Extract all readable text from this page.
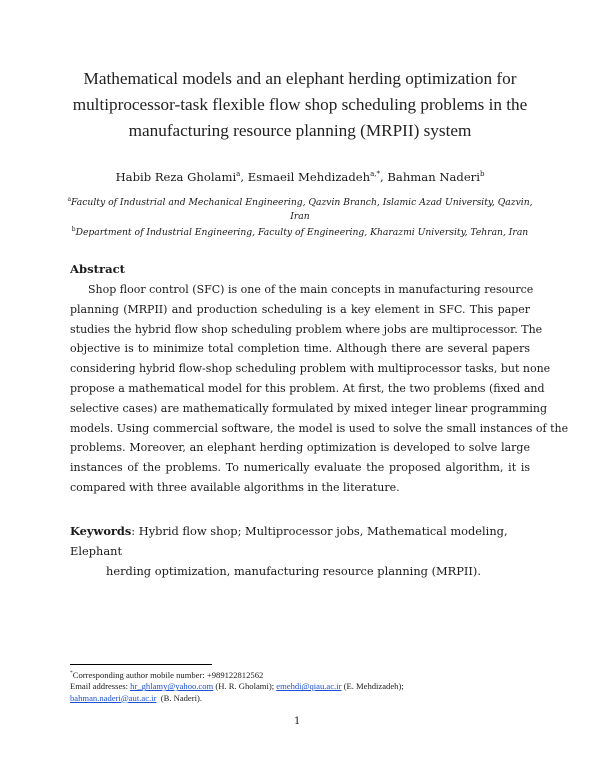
Mathematical models and an elephant herding optimization for
multiprocessor-task flexible flow shop scheduling problems in the
manufacturing resource planning (MRPII) system
Habib Reza Gholami$^a$, Esmaeil Mehdizadeh$^{a,*}$, Bahman Naderi$^b$
$^a$Faculty of Industrial and Mechanical Engineering, Qazvin Branch, Islamic Azad University, Qazvin,
Iran
$^b$Department of Industrial Engineering, Faculty of Engineering, Kharazmi University, Tehran, Iran
Abstract
Shop floor control (SFC) is one of the main concepts in manufacturing resource
planning (MRPII) and production scheduling is a key element in SFC. This paper
studies the hybrid flow shop scheduling problem where jobs are multiprocessor. The
objective is to minimize total completion time. Although there are several papers
considering hybrid flow-shop scheduling problem with multiprocessor tasks, but none
propose a mathematical model for this problem. At first, the two problems (fixed and
selective cases) are mathematically formulated by mixed integer linear programming
models. Using commercial software, the model is used to solve the small instances of the
problems. Moreover, an elephant herding optimization is developed to solve large
instances of the problems. To numerically evaluate the proposed algorithm, it is
compared with three available algorithms in the literature.
Keywords: Hybrid flow shop; Multiprocessor jobs, Mathematical modeling, Elephant
herding optimization, manufacturing resource planning (MRPII).
*Corresponding author mobile number: +989122812562
Email addresses: hr_ghlamy@yahoo.com (H. R. Gholami); emehdi@qiau.ac.ir (E. Mehdizadeh);
bahman.naderi@aut.ac.ir  (B. Naderi).
1
